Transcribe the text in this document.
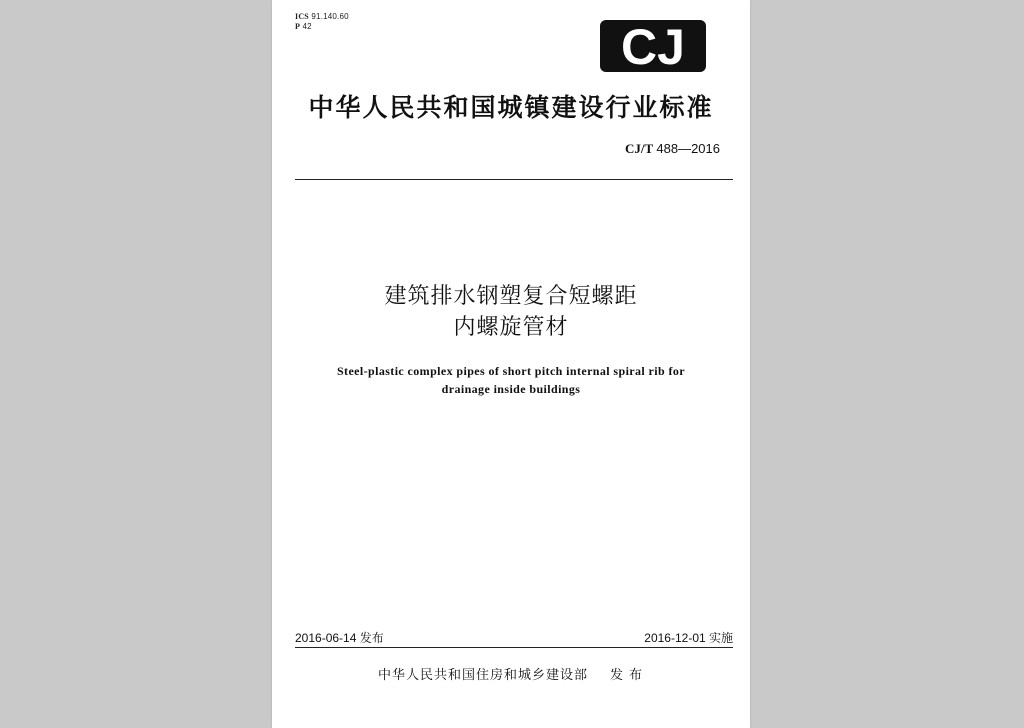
ICS 91.140.60
P 42	CJ
中华人民共和国城镇建设行业标准
CJ/T 488—2016
建筑排水钢塑复合短螺距
内螺旋管材
Steel-plastic complex pipes of short pitch internal spiral rib for
drainage inside buildings
2016-06-14 发布	2016-12-01 实施
中华人民共和国住房和城乡建设部 发布
